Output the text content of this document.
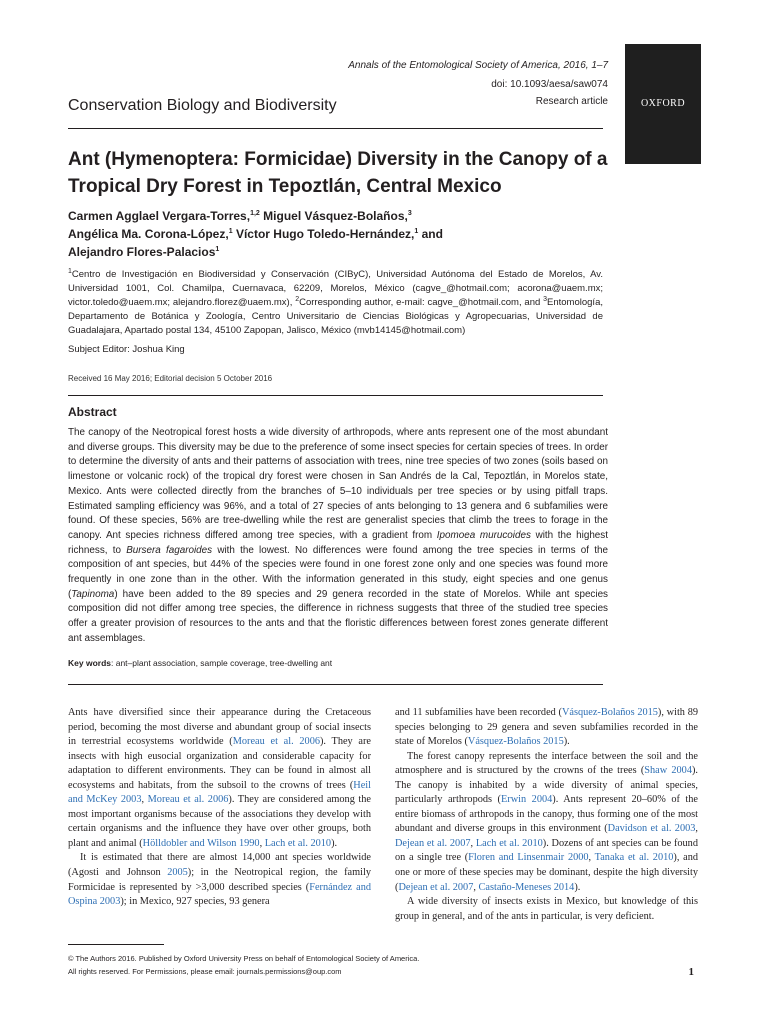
Annals of the Entomological Society of America, 2016, 1–7
doi: 10.1093/aesa/saw074
Research article	OXFORD
Conservation Biology and Biodiversity
Ant (Hymenoptera: Formicidae) Diversity in the Canopy of a Tropical Dry Forest in Tepoztlán, Central Mexico
Carmen Agglael Vergara-Torres,$^{1,2}$ Miguel Vásquez-Bolaños,$^3$
Angélica Ma. Corona-López,$^1$ Víctor Hugo Toledo-Hernández,$^1$ and
Alejandro Flores-Palacios$^1$
$^1$Centro de Investigación en Biodiversidad y Conservación (CIByC), Universidad Autónoma del Estado de Morelos, Av. Universidad 1001, Col. Chamilpa, Cuernavaca, 62209, Morelos, México (cagve_@hotmail.com; acorona@uaem.mx; victor.toledo@uaem.mx; alejandro.florez@uaem.mx), $^2$Corresponding author, e-mail: cagve_@hotmail.com, and $^3$Entomología, Departamento de Botánica y Zoología, Centro Universitario de Ciencias Biológicas y Agropecuarias, Universidad de Guadalajara, Apartado postal 134, 45100 Zapopan, Jalisco, México (mvb14145@hotmail.com)
Subject Editor: Joshua King
Received 16 May 2016; Editorial decision 5 October 2016
Abstract
The canopy of the Neotropical forest hosts a wide diversity of arthropods, where ants represent one of the most abundant and diverse groups. This diversity may be due to the preference of some insect species for certain species of trees. In order to determine the diversity of ants and their patterns of association with trees, nine tree species of two zones (soils based on limestone or volcanic rock) of the tropical dry forest were chosen in San Andrés de la Cal, Tepoztlán, in Morelos state, Mexico. Ants were collected directly from the branches of 5–10 individuals per tree species or by using pitfall traps. Estimated sampling efficiency was 96%, and a total of 27 species of ants belonging to 13 genera and 6 subfamilies were found. Of these species, 56% are tree-dwelling while the rest are generalist species that climb the trees to forage in the canopy. Ant species richness differed among tree species, with a gradient from Ipomoea murucoides with the highest richness, to Bursera fagaroides with the lowest. No differences were found among the tree species in terms of the composition of ant species, but 44% of the species were found in one forest zone only and one species was found more frequently in one zone than in the other. With the information generated in this study, eight species and one genus (Tapinoma) have been added to the 89 species and 29 genera recorded in the state of Morelos. While ant species composition did not differ among tree species, the difference in richness suggests that three of the studied tree species offer a greater provision of resources to the ants and that the floristic differences between forest zones generate different ant assemblages.
Key words: ant–plant association, sample coverage, tree-dwelling ant

Ants have diversified since their appearance during the Cretaceous period, becoming the most diverse and abundant group of social insects in terrestrial ecosystems worldwide (Moreau et al. 2006). They are insects with high eusocial organization and considerable capacity for adaptation to different environments. They can be found in almost all ecosystems and habitats, from the subsoil to the crowns of trees (Heil and McKey 2003, Moreau et al. 2006). They are considered among the most important organisms because of the associations they develop with certain organisms and the influence they have over other groups, both plant and animal (Hölldobler and Wilson 1990, Lach et al. 2010).

It is estimated that there are almost 14,000 ant species worldwide (Agosti and Johnson 2005); in the Neotropical region, the family Formicidae is represented by >3,000 described species (Fernández and Ospina 2003); in Mexico, 927 species, 93 genera

and 11 subfamilies have been recorded (Vásquez-Bolaños 2015), with 89 species belonging to 29 genera and seven subfamilies recorded in the state of Morelos (Vásquez-Bolaños 2015).

The forest canopy represents the interface between the soil and the atmosphere and is structured by the crowns of the trees (Shaw 2004). The canopy is inhabited by a wide diversity of animal species, particularly arthropods (Erwin 2004). Ants represent 20–60% of the entire biomass of arthropods in the canopy, thus forming one of the most abundant and diverse groups in this environment (Davidson et al. 2003, Dejean et al. 2007, Lach et al. 2010). Dozens of ant species can be found on a single tree (Floren and Linsenmair 2000, Tanaka et al. 2010), and one or more of these species may be dominant, despite the high diversity (Dejean et al. 2007, Castaño-Meneses 2014).

A wide diversity of insects exists in Mexico, but knowledge of this group in general, and of the ants in particular, is very deficient.

© The Authors 2016. Published by Oxford University Press on behalf of Entomological Society of America.
All rights reserved. For Permissions, please email: journals.permissions@oup.com	1
